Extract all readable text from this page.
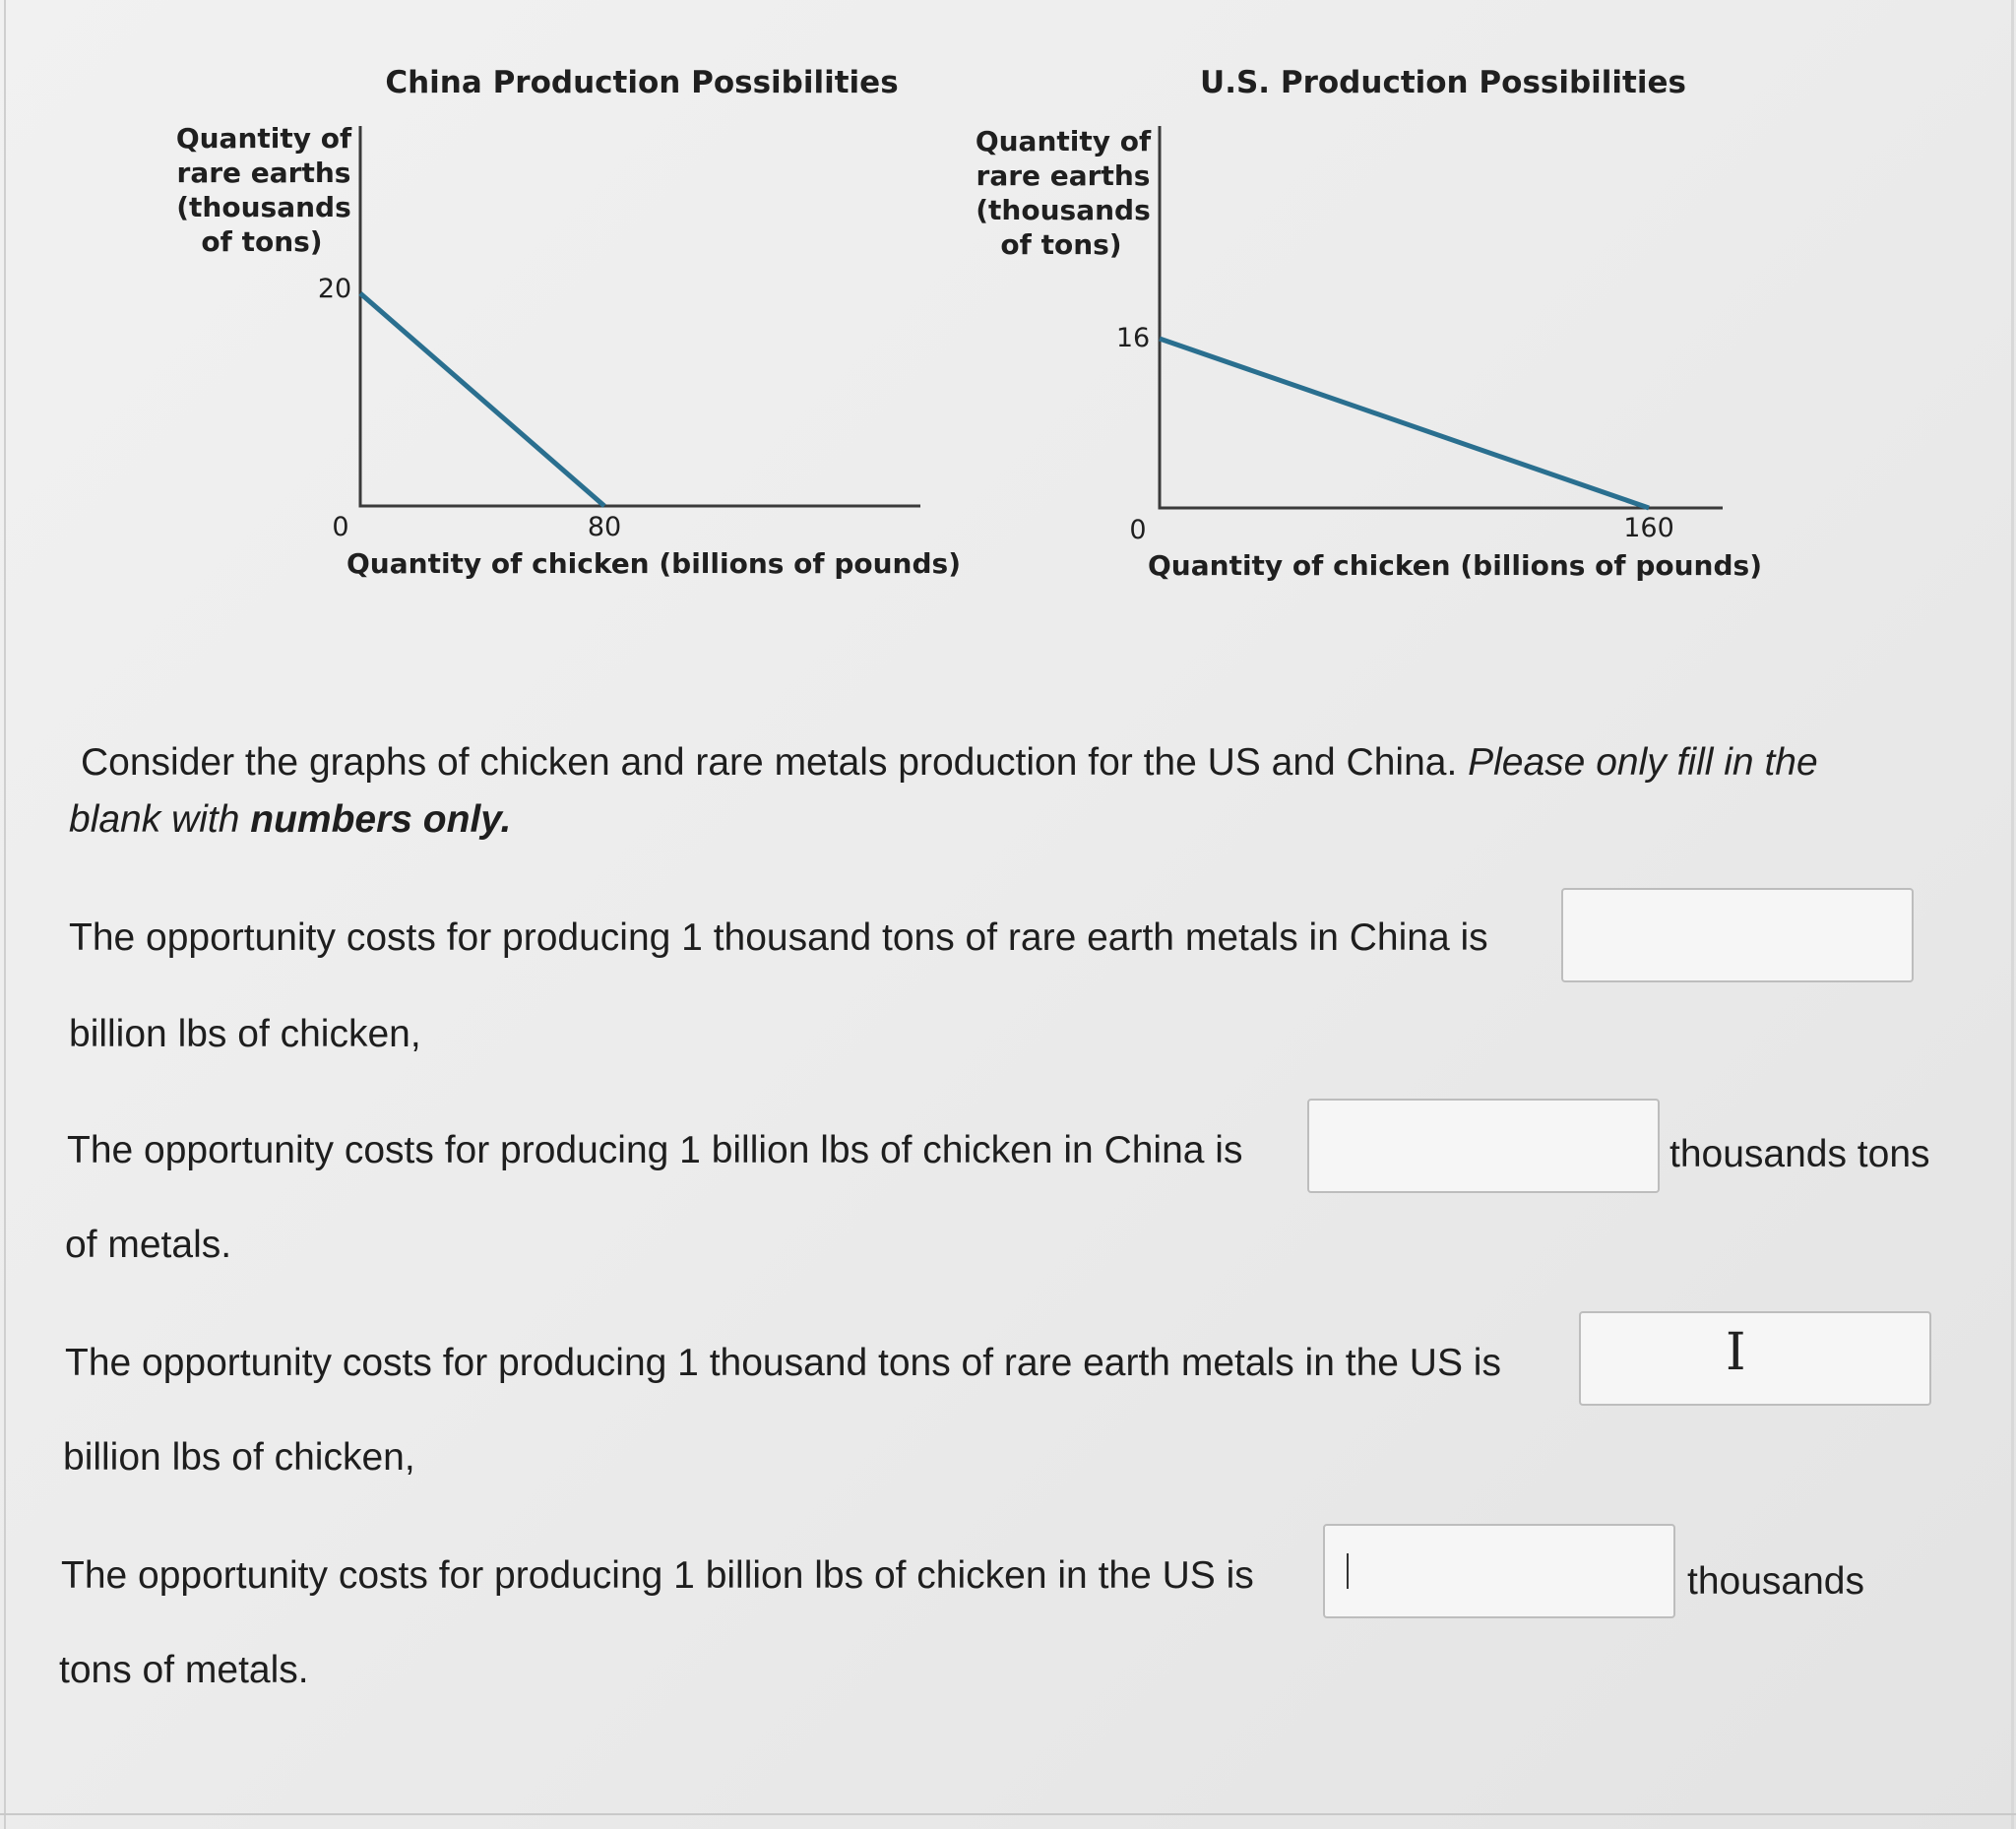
China Production Possibilities
Quantity of
rare earths
(thousands
of tons)
20
0	80
Quantity of chicken (billions of pounds)
U.S. Production Possibilities
Quantity of
rare earths
(thousands
of tons)
16
0	160
Quantity of chicken (billions of pounds)
Consider the graphs of chicken and rare metals production for the US and China. Please only fill in the
blank with numbers only.
The opportunity costs for producing 1 thousand tons of rare earth metals in China is
billion lbs of chicken,
The opportunity costs for producing 1 billion lbs of chicken in China is	thousands tons
of metals.
The opportunity costs for producing 1 thousand tons of rare earth metals in the US is	I
billion lbs of chicken,
The opportunity costs for producing 1 billion lbs of chicken in the US is	thousands
tons of metals.
